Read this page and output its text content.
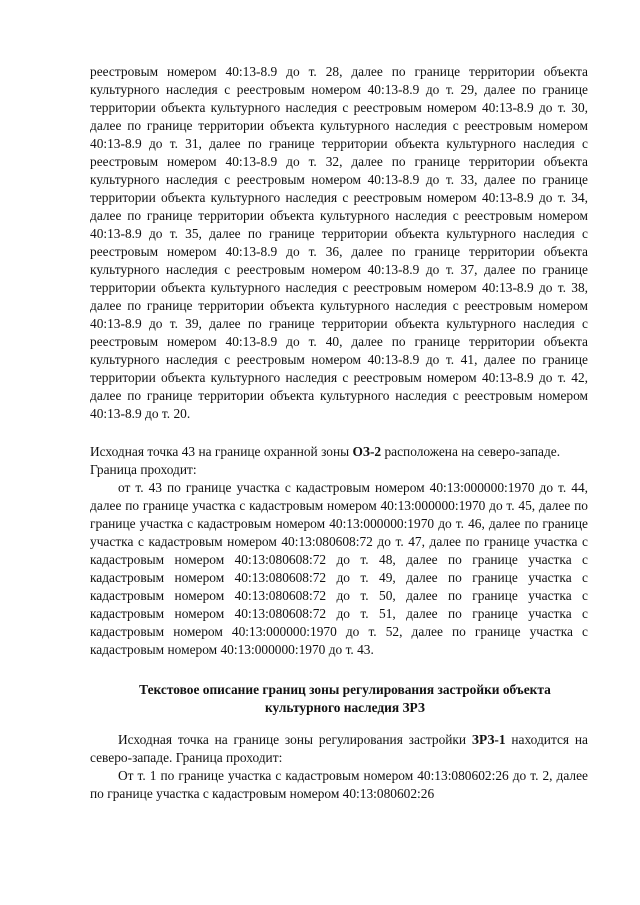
реестровым номером 40:13-8.9 до т. 28, далее по границе территории объекта культурного наследия с реестровым номером 40:13-8.9 до т. 29, далее по границе территории объекта культурного наследия с реестровым номером 40:13-8.9 до т. 30, далее по границе территории объекта культурного наследия с реестровым номером 40:13-8.9 до т. 31, далее по границе территории объекта культурного наследия с реестровым номером 40:13-8.9 до т. 32, далее по границе территории объекта культурного наследия с реестровым номером 40:13-8.9 до т. 33, далее по границе территории объекта культурного наследия с реестровым номером 40:13-8.9 до т. 34, далее по границе территории объекта культурного наследия с реестровым номером 40:13-8.9 до т. 35, далее по границе территории объекта культурного наследия с реестровым номером 40:13-8.9 до т. 36, далее по границе территории объекта культурного наследия с реестровым номером 40:13-8.9 до т. 37, далее по границе территории объекта культурного наследия с реестровым номером 40:13-8.9 до т. 38, далее по границе территории объекта культурного наследия с реестровым номером 40:13-8.9 до т. 39, далее по границе территории объекта культурного наследия с реестровым номером 40:13-8.9 до т. 40, далее по границе территории объекта культурного наследия с реестровым номером 40:13-8.9 до т. 41, далее по границе территории объекта культурного наследия с реестровым номером 40:13-8.9 до т. 42, далее по границе территории объекта культурного наследия с реестровым номером 40:13-8.9 до т. 20.

Исходная точка 43 на границе охранной зоны ОЗ-2 расположена на северо-западе.

Граница проходит:

от т. 43 по границе участка с кадастровым номером 40:13:000000:1970 до т. 44, далее по границе участка с кадастровым номером 40:13:000000:1970 до т. 45, далее по границе участка с кадастровым номером 40:13:000000:1970 до т. 46, далее по границе участка с кадастровым номером 40:13:080608:72 до т. 47, далее по границе участка с кадастровым номером 40:13:080608:72 до т. 48, далее по границе участка с кадастровым номером 40:13:080608:72 до т. 49, далее по границе участка с кадастровым номером 40:13:080608:72 до т. 50, далее по границе участка с кадастровым номером 40:13:080608:72 до т. 51, далее по границе участка с кадастровым номером 40:13:000000:1970 до т. 52, далее по границе участка с кадастровым номером 40:13:000000:1970 до т. 43.

Текстовое описание границ зоны регулирования застройки объекта
культурного наследия ЗРЗ

Исходная точка на границе зоны регулирования застройки ЗРЗ-1 находится на северо-западе. Граница проходит:

От т. 1 по границе участка с кадастровым номером 40:13:080602:26 до т. 2, далее по границе участка с кадастровым номером 40:13:080602:26
